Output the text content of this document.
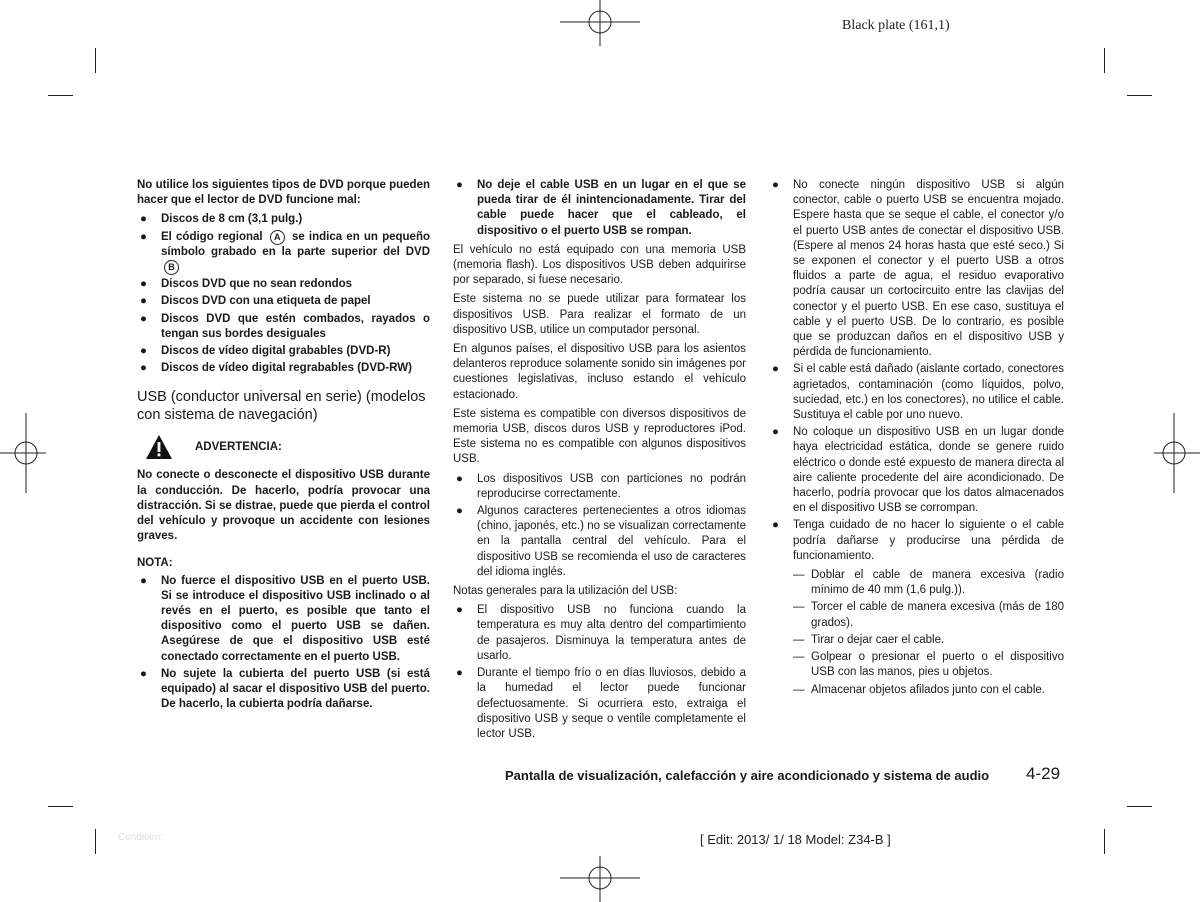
Black plate (161,1)

No utilice los siguientes tipos de DVD porque pueden hacer que el lector de DVD funcione mal:

● Discos de 8 cm (3,1 pulg.)
● El código regional A se indica en un pequeño símbolo grabado en la parte superior del DVD B
● Discos DVD que no sean redondos
● Discos DVD con una etiqueta de papel
● Discos DVD que estén combados, rayados o tengan sus bordes desiguales
● Discos de vídeo digital grabables (DVD-R)
● Discos de vídeo digital regrabables (DVD-RW)
USB (conductor universal en serie) (modelos con sistema de navegación)
ADVERTENCIA:

No conecte o desconecte el dispositivo USB durante la conducción. De hacerlo, podría provocar una distracción. Si se distrae, puede que pierda el control del vehículo y provoque un accidente con lesiones graves.

NOTA:
● No fuerce el dispositivo USB en el puerto USB. Si se introduce el dispositivo USB inclinado o al revés en el puerto, es posible que tanto el dispositivo como el puerto USB se dañen. Asegúrese de que el dispositivo USB esté conectado correctamente en el puerto USB.
● No sujete la cubierta del puerto USB (si está equipado) al sacar el dispositivo USB del puerto. De hacerlo, la cubierta podría dañarse.
● No deje el cable USB en un lugar en el que se pueda tirar de él inintencionadamente. Tirar del cable puede hacer que el cableado, el dispositivo o el puerto USB se rompan.

El vehículo no está equipado con una memoria USB (memoria flash). Los dispositivos USB deben adquirirse por separado, si fuese necesario.

Este sistema no se puede utilizar para formatear los dispositivos USB. Para realizar el formato de un dispositivo USB, utilice un computador personal.

En algunos países, el dispositivo USB para los asientos delanteros reproduce solamente sonido sin imágenes por cuestiones legislativas, incluso estando el vehículo estacionado.

Este sistema es compatible con diversos dispositivos de memoria USB, discos duros USB y reproductores iPod. Este sistema no es compatible con algunos dispositivos USB.

● Los dispositivos USB con particiones no podrán reproducirse correctamente.
● Algunos caracteres pertenecientes a otros idiomas (chino, japonés, etc.) no se visualizan correctamente en la pantalla central del vehículo. Para el dispositivo USB se recomienda el uso de caracteres del idioma inglés.

Notas generales para la utilización del USB:

● El dispositivo USB no funciona cuando la temperatura es muy alta dentro del compartimiento de pasajeros. Disminuya la temperatura antes de usarlo.
● Durante el tiempo frío o en días lluviosos, debido a la humedad el lector puede funcionar defectuosamente. Si ocurriera esto, extraiga el dispositivo USB y seque o ventile completamente el lector USB.
● No conecte ningún dispositivo USB si algún conector, cable o puerto USB se encuentra mojado. Espere hasta que se seque el cable, el conector y/o el puerto USB antes de conectar el dispositivo USB. (Espere al menos 24 horas hasta que esté seco.) Si se exponen el conector y el puerto USB a otros fluidos a parte de agua, el residuo evaporativo podría causar un cortocircuito entre las clavijas del conector y el puerto USB. En ese caso, sustituya el cable y el puerto USB. De lo contrario, es posible que se produzcan daños en el dispositivo USB y pérdida de funcionamiento.
● Si el cable está dañado (aislante cortado, conectores agrietados, contaminación (como líquidos, polvo, suciedad, etc.) en los conectores), no utilice el cable. Sustituya el cable por uno nuevo.
● No coloque un dispositivo USB en un lugar donde haya electricidad estática, donde se genere ruido eléctrico o donde esté expuesto de manera directa al aire caliente procedente del aire acondicionado. De hacerlo, podría provocar que los datos almacenados en el dispositivo USB se corrompan.
● Tenga cuidado de no hacer lo siguiente o el cable podría dañarse y producirse una pérdida de funcionamiento.
— Doblar el cable de manera excesiva (radio mínimo de 40 mm (1,6 pulg.)).
— Torcer el cable de manera excesiva (más de 180 grados).
— Tirar o dejar caer el cable.
— Golpear o presionar el puerto o el dispositivo USB con las manos, pies u objetos.
— Almacenar objetos afilados junto con el cable.
Pantalla de visualización, calefacción y aire acondicionado y sistema de audio 4-29
Condition:	[ Edit: 2013/ 1/ 18 Model: Z34-B ]
